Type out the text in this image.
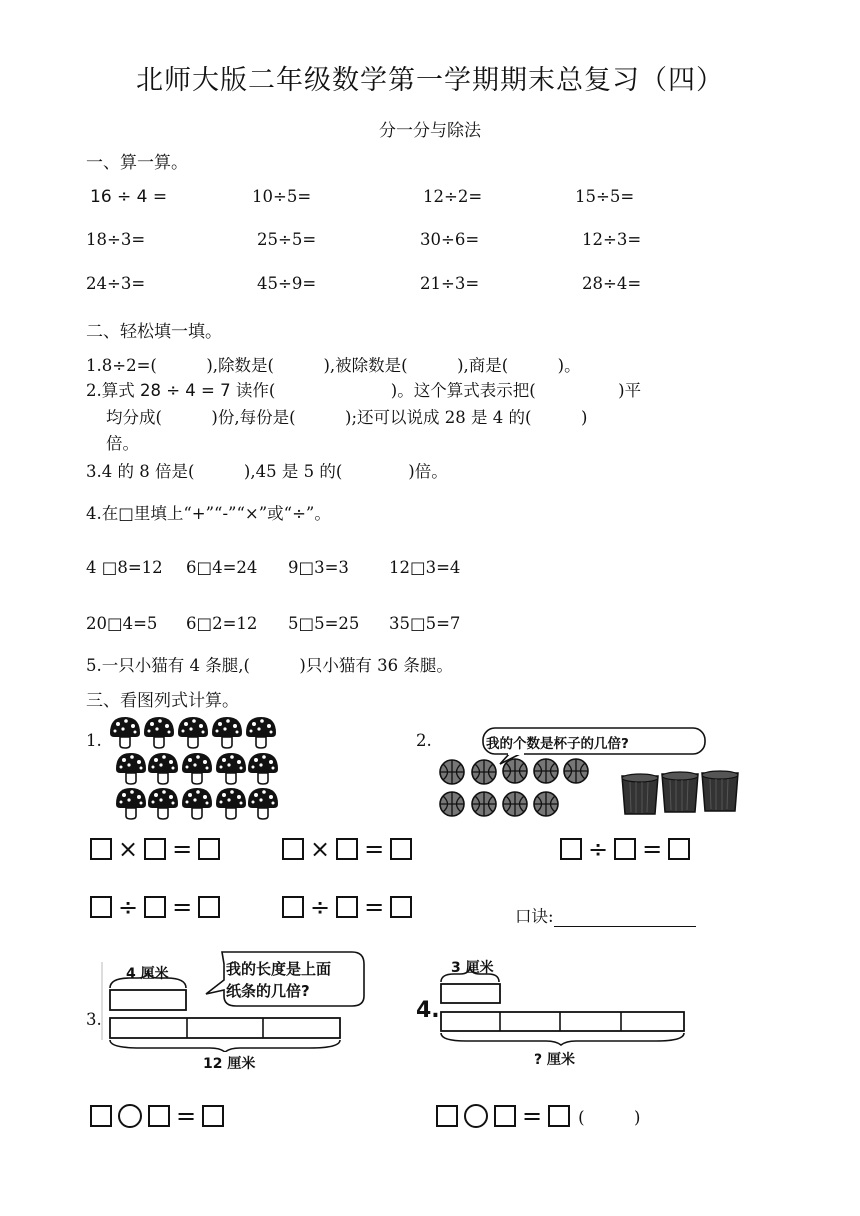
北师大版二年级数学第一学期期末总复习（四）
分一分与除法
一、算一算。
16 ÷ 4 =	10÷5=	12÷2=	15÷5=
18÷3=	25÷5=	30÷6=	12÷3=
24÷3=	45÷9=	21÷3=	28÷4=
二、轻松填一填。
1.8÷2=(　　　),除数是(　　　),被除数是(　　　),商是(　　　)。
2.算式 28 ÷ 4 = 7 读作(　　　　　　　)。这个算式表示把(　　　　　)平
均分成(　　　)份,每份是(　　　);还可以说成 28 是 4 的(　　　)
倍。
3.4 的 8 倍是(　　　),45 是 5 的(　　　　)倍。
4.在□里填上“+”“-”“×”或“÷”。
4 □8=12 6□4=24 9□3=3 12□3=4
20□4=5 6□2=12 5□5=25 35□5=7
5.一只小猫有 4 条腿,(　　　)只小猫有 36 条腿。
三、看图列式计算。
1.	2.	我的个数是杯子的几倍?
× =	× =	÷ =
÷ =	÷ =	口诀:
3.
4 厘米
12 厘米
我的长度是上面
纸条的几倍?
4.
3 厘米
? 厘米
=	= (　　　)
